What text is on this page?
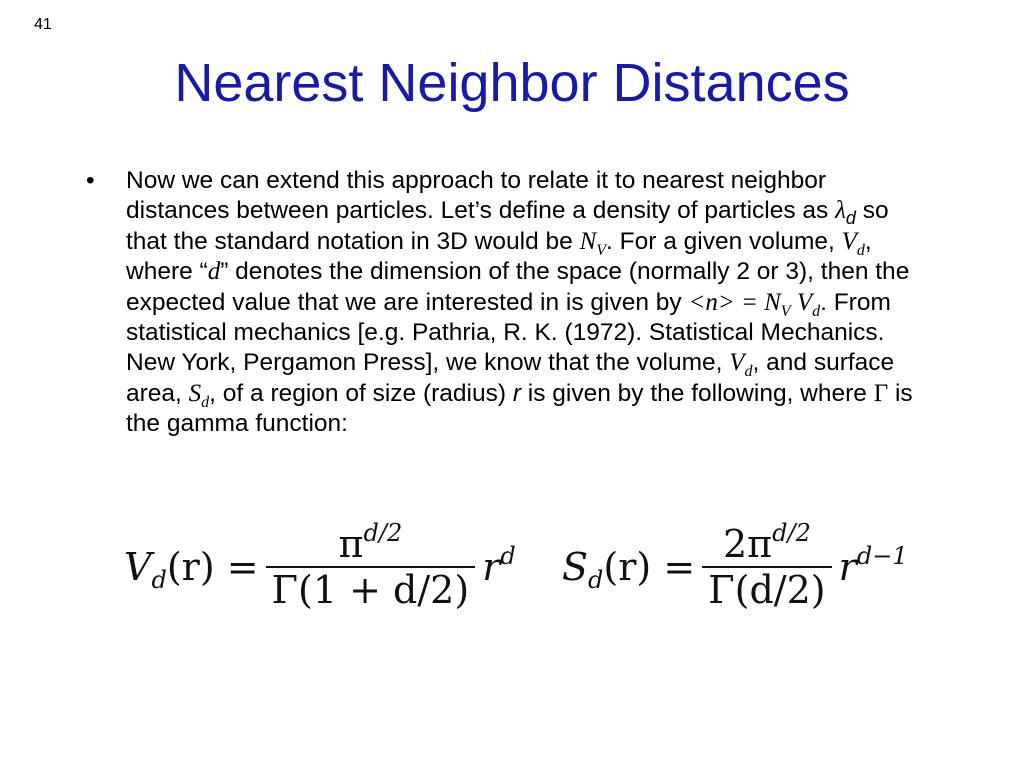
41
Nearest Neighbor Distances
• Now we can extend this approach to relate it to nearest neighbor distances between particles. Let’s define a density of particles as $\lambda_d$ so that the standard notation in 3D would be $N_V$. For a given volume, $V_d$, where “d” denotes the dimension of the space (normally 2 or 3), then the expected value that we are interested in is given by $<n> = N_V$ $V_d$. From statistical mechanics [e.g. Pathria, R. K. (1972). Statistical Mechanics. New York, Pergamon Press], we know that the volume, $V_d$, and surface area, $S_d$, of a region of size (radius) r is given by the following, where Γ is the gamma function:
$V_d(r) = \frac{\pi^{d/2}}{\Gamma(1 + d/2)} r^d$ $S_d(r) = \frac{2\pi^{d/2}}{\Gamma(d/2)} r^{d-1}$
